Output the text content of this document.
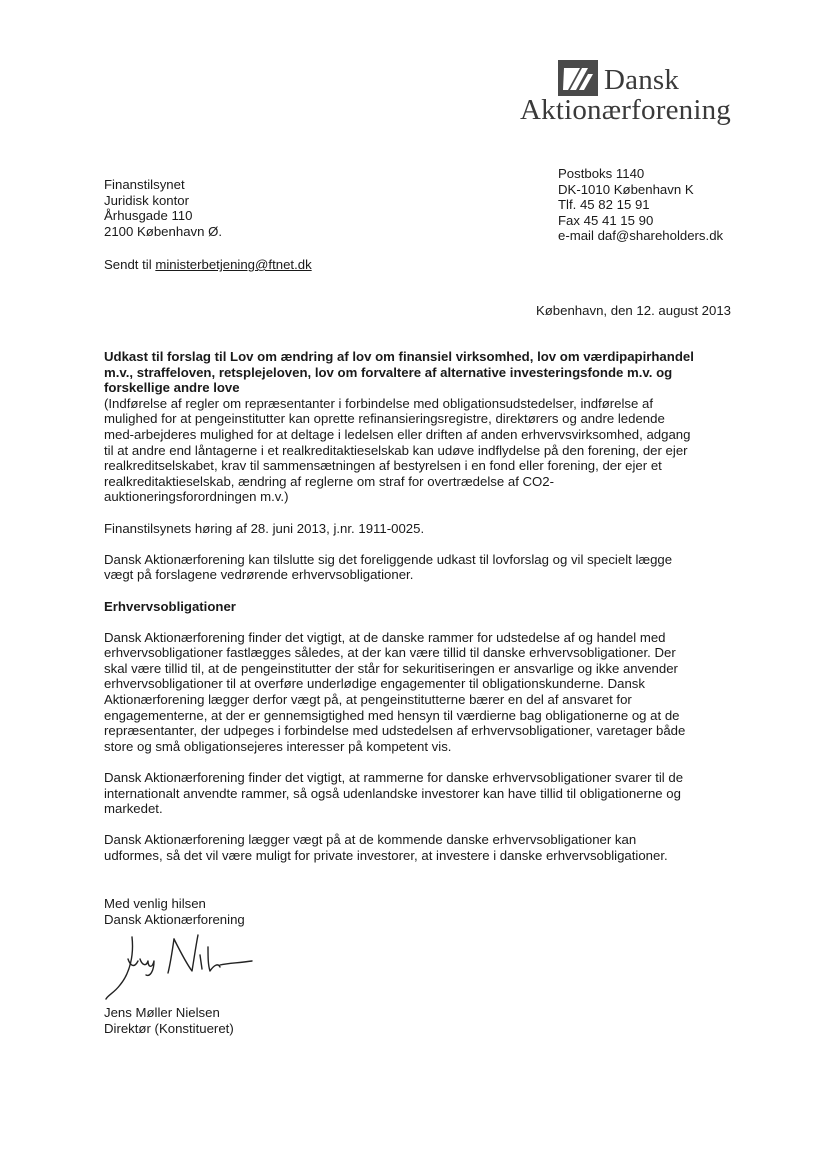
Dansk
Aktionærforening
Finanstilsynet
Juridisk kontor
Århusgade 110
2100 København Ø.
Postboks 1140
DK-1010 København K
Tlf. 45 82 15 91
Fax 45 41 15 90
e-mail daf@shareholders.dk
Sendt til ministerbetjening@ftnet.dk
København, den 12. august 2013

Udkast til forslag til Lov om ændring af lov om finansiel virksomhed, lov om værdipapirhandel
m.v., straffeloven, retsplejeloven, lov om forvaltere af alternative investeringsfonde m.v. og
forskellige andre love

(Indførelse af regler om repræsentanter i forbindelse med obligationsudstedelser, indførelse af
mulighed for at pengeinstitutter kan oprette refinansieringsregistre, direktørers og andre ledende
med-arbejderes mulighed for at deltage i ledelsen eller driften af anden erhvervsvirksomhed, adgang
til at andre end låntagerne i et realkreditaktieselskab kan udøve indflydelse på den forening, der ejer
realkreditselskabet, krav til sammensætningen af bestyrelsen i en fond eller forening, der ejer et
realkreditaktieselskab, ændring af reglerne om straf for overtrædelse af CO2-
auktioneringsforordningen m.v.)

Finanstilsynets høring af 28. juni 2013, j.nr. 1911-0025.

Dansk Aktionærforening kan tilslutte sig det foreliggende udkast til lovforslag og vil specielt lægge
vægt på forslagene vedrørende erhvervsobligationer.

Erhvervsobligationer

Dansk Aktionærforening finder det vigtigt, at de danske rammer for udstedelse af og handel med
erhvervsobligationer fastlægges således, at der kan være tillid til danske erhvervsobligationer. Der
skal være tillid til, at de pengeinstitutter der står for sekuritiseringen er ansvarlige og ikke anvender
erhvervsobligationer til at overføre underlødige engagementer til obligationskunderne. Dansk
Aktionærforening lægger derfor vægt på, at pengeinstitutterne bærer en del af ansvaret for
engagementerne, at der er gennemsigtighed med hensyn til værdierne bag obligationerne og at de
repræsentanter, der udpeges i forbindelse med udstedelsen af erhvervsobligationer, varetager både
store og små obligationsejeres interesser på kompetent vis.

Dansk Aktionærforening finder det vigtigt, at rammerne for danske erhvervsobligationer svarer til de
internationalt anvendte rammer, så også udenlandske investorer kan have tillid til obligationerne og
markedet.

Dansk Aktionærforening lægger vægt på at de kommende danske erhvervsobligationer kan
udformes, så det vil være muligt for private investorer, at investere i danske erhvervsobligationer.

Med venlig hilsen
Dansk Aktionærforening
Jens Møller Nielsen
Direktør (Konstitueret)
